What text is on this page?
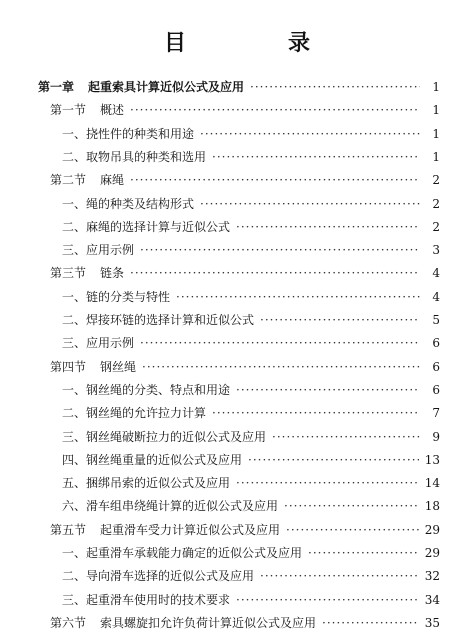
目　录
第一章 起重索具计算近似公式及应用 ·····	1
第一节 概述 ·····	1
一、挠性件的种类和用途 ·····	1
二、取物吊具的种类和选用 ·····	1
第二节 麻绳 ·····	2
一、绳的种类及结构形式 ·····	2
二、麻绳的选择计算与近似公式 ·····	2
三、应用示例 ·····	3
第三节 链条 ·····	4
一、链的分类与特性 ·····	4
二、焊接环链的选择计算和近似公式 ·····	5
三、应用示例 ·····	6
第四节 钢丝绳 ·····	6
一、钢丝绳的分类、特点和用途 ·····	6
二、钢丝绳的允许拉力计算 ·····	7
三、钢丝绳破断拉力的近似公式及应用 ·····	9
四、钢丝绳重量的近似公式及应用 ·····	13
五、捆绑吊索的近似公式及应用 ·····	14
六、滑车组串绕绳计算的近似公式及应用 ·····	18
第五节 起重滑车受力计算近似公式及应用 ·····	29
一、起重滑车承载能力确定的近似公式及应用 ·····	29
二、导向滑车选择的近似公式及应用 ·····	32
三、起重滑车使用时的技术要求 ·····	34
第六节 索具螺旋扣允许负荷计算近似公式及应用 ·····	35
